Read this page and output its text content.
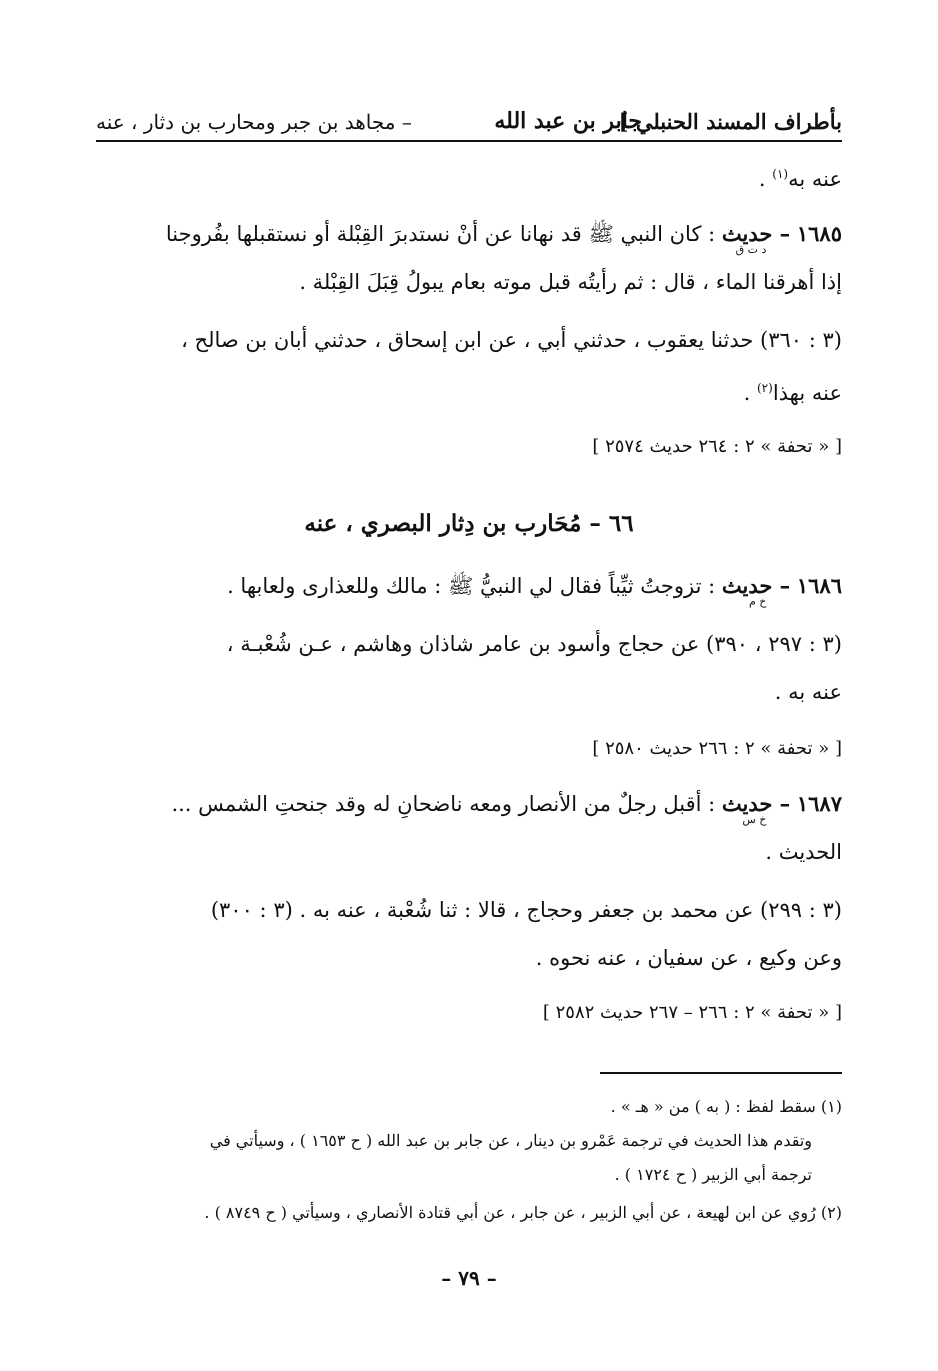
بأطراف المسند الحنبلي ]
جابر بن عبد الله
– مجاهد بن جبر ومحارب بن دثار ، عنه
عنه به$^{(١)}$ .
١٦٨٥ – حديث
د ت ق
: كان النبي ﷺ قد نهانا عن أنْ نستدبرَ القِبْلة أو نستقبلها بفُروجنا
إذا أهرقنا الماء ، قال : ثم رأيتُه قبل موته بعام يبولُ قِبَلَ القِبْلة .
(٣ : ٣٦٠) حدثنا يعقوب ، حدثني أبي ، عن ابن إسحاق ، حدثني أبان بن صالح ،
عنه بهذا$^{(٢)}$ .
[ « تحفة » ٢ : ٢٦٤ حديث ٢٥٧٤ ]
٦٦ – مُحَارب بن دِثار البصري ، عنه
١٦٨٦ – حديث
خ م
: تزوجتُ ثيِّباً فقال لي النبيُّ ﷺ : مالك وللعذارى ولعابها .
(٣ : ٢٩٧ ، ٣٩٠) عن حجاج وأسود بن عامر شاذان وهاشم ، عـن شُعْبـة ،
عنه به .
[ « تحفة » ٢ : ٢٦٦ حديث ٢٥٨٠ ]
١٦٨٧ – حديث
خ س
: أقبل رجلٌ من الأنصار ومعه ناضحانِ له وقد جنحتِ الشمس ...
الحديث .
(٣ : ٢٩٩) عن محمد بن جعفر وحجاج ، قالا : ثنا شُعْبة ، عنه به . (٣ : ٣٠٠)
وعن وكيع ، عن سفيان ، عنه نحوه .
[ « تحفة » ٢ : ٢٦٦ – ٢٦٧ حديث ٢٥٨٢ ]
(١) سقط لفظ : ( به ) من « هـ » .
وتقدم هذا الحديث في ترجمة عَمْرو بن دينار ، عن جابر بن عبد الله ( ح ١٦٥٣ ) ، وسيأتي في
ترجمة أبي الزبير ( ح ١٧٢٤ ) .
(٢) رُوي عن ابن لهيعة ، عن أبي الزبير ، عن جابر ، عن أبي قتادة الأنصاري ، وسيأتي ( ح ٨٧٤٩ ) .
– ٧٩ –
